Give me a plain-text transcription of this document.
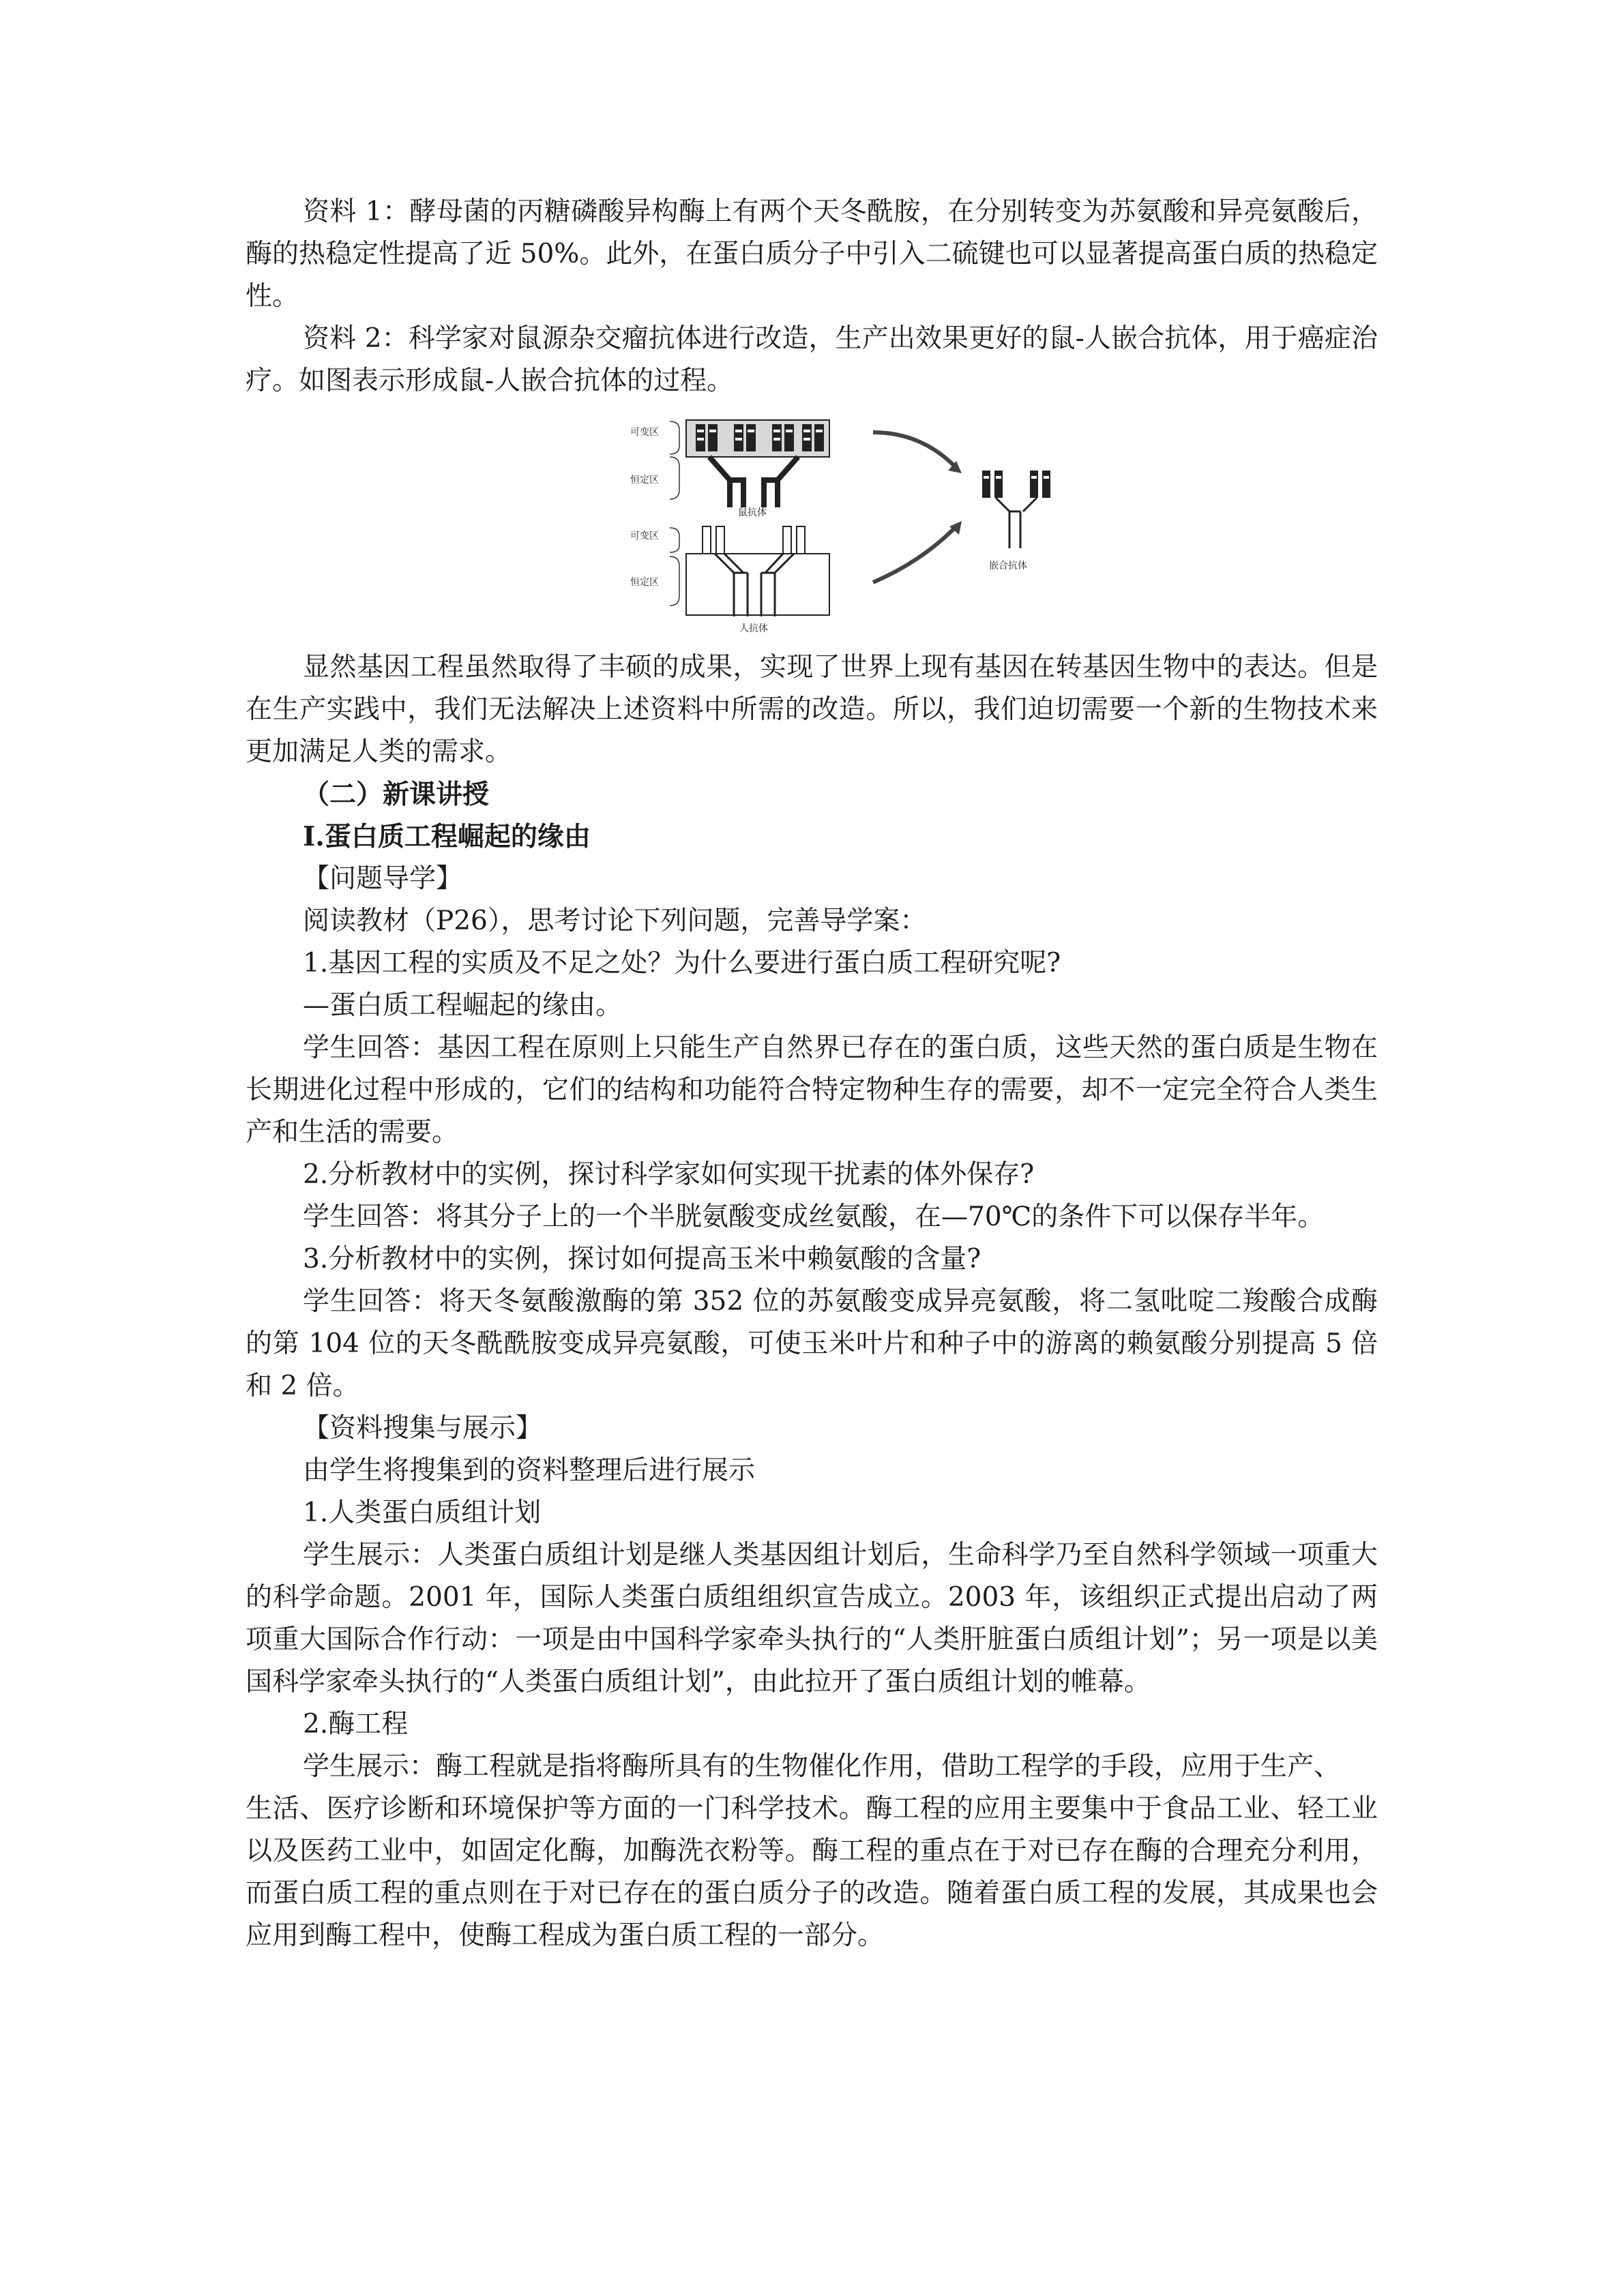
资料 1：酵母菌的丙糖磷酸异构酶上有两个天冬酰胺，在分别转变为苏氨酸和异亮氨酸后，酶的热稳定性提高了近 50%。此外，在蛋白质分子中引入二硫键也可以显著提高蛋白质的热稳定性。

资料 2：科学家对鼠源杂交瘤抗体进行改造，生产出效果更好的鼠-人嵌合抗体，用于癌症治疗。如图表示形成鼠-人嵌合抗体的过程。

可变区
恒定区
鼠抗体
可变区
恒定区
人抗体
嵌合抗体

显然基因工程虽然取得了丰硕的成果，实现了世界上现有基因在转基因生物中的表达。但是在生产实践中，我们无法解决上述资料中所需的改造。所以，我们迫切需要一个新的生物技术来更加满足人类的需求。

（二）新课讲授

Ⅰ.蛋白质工程崛起的缘由

【问题导学】

阅读教材（P26），思考讨论下列问题，完善导学案：

1.基因工程的实质及不足之处？为什么要进行蛋白质工程研究呢?

—蛋白质工程崛起的缘由。

学生回答：基因工程在原则上只能生产自然界已存在的蛋白质，这些天然的蛋白质是生物在长期进化过程中形成的，它们的结构和功能符合特定物种生存的需要，却不一定完全符合人类生产和生活的需要。

2.分析教材中的实例，探讨科学家如何实现干扰素的体外保存?

学生回答：将其分子上的一个半胱氨酸变成丝氨酸，在—70℃的条件下可以保存半年。

3.分析教材中的实例，探讨如何提高玉米中赖氨酸的含量?

学生回答：将天冬氨酸激酶的第 352 位的苏氨酸变成异亮氨酸，将二氢吡啶二羧酸合成酶的第 104 位的天冬酰酰胺变成异亮氨酸，可使玉米叶片和种子中的游离的赖氨酸分别提高 5 倍和 2 倍。

【资料搜集与展示】

由学生将搜集到的资料整理后进行展示

1.人类蛋白质组计划

学生展示：人类蛋白质组计划是继人类基因组计划后，生命科学乃至自然科学领域一项重大的科学命题。2001 年，国际人类蛋白质组组织宣告成立。2003 年，该组织正式提出启动了两项重大国际合作行动：一项是由中国科学家牵头执行的“人类肝脏蛋白质组计划”；另一项是以美国科学家牵头执行的“人类蛋白质组计划”，由此拉开了蛋白质组计划的帷幕。

2.酶工程

学生展示：酶工程就是指将酶所具有的生物催化作用，借助工程学的手段，应用于生产、

生活、医疗诊断和环境保护等方面的一门科学技术。酶工程的应用主要集中于食品工业、轻工业以及医药工业中，如固定化酶，加酶洗衣粉等。酶工程的重点在于对已存在酶的合理充分利用，而蛋白质工程的重点则在于对已存在的蛋白质分子的改造。随着蛋白质工程的发展，其成果也会应用到酶工程中，使酶工程成为蛋白质工程的一部分。
